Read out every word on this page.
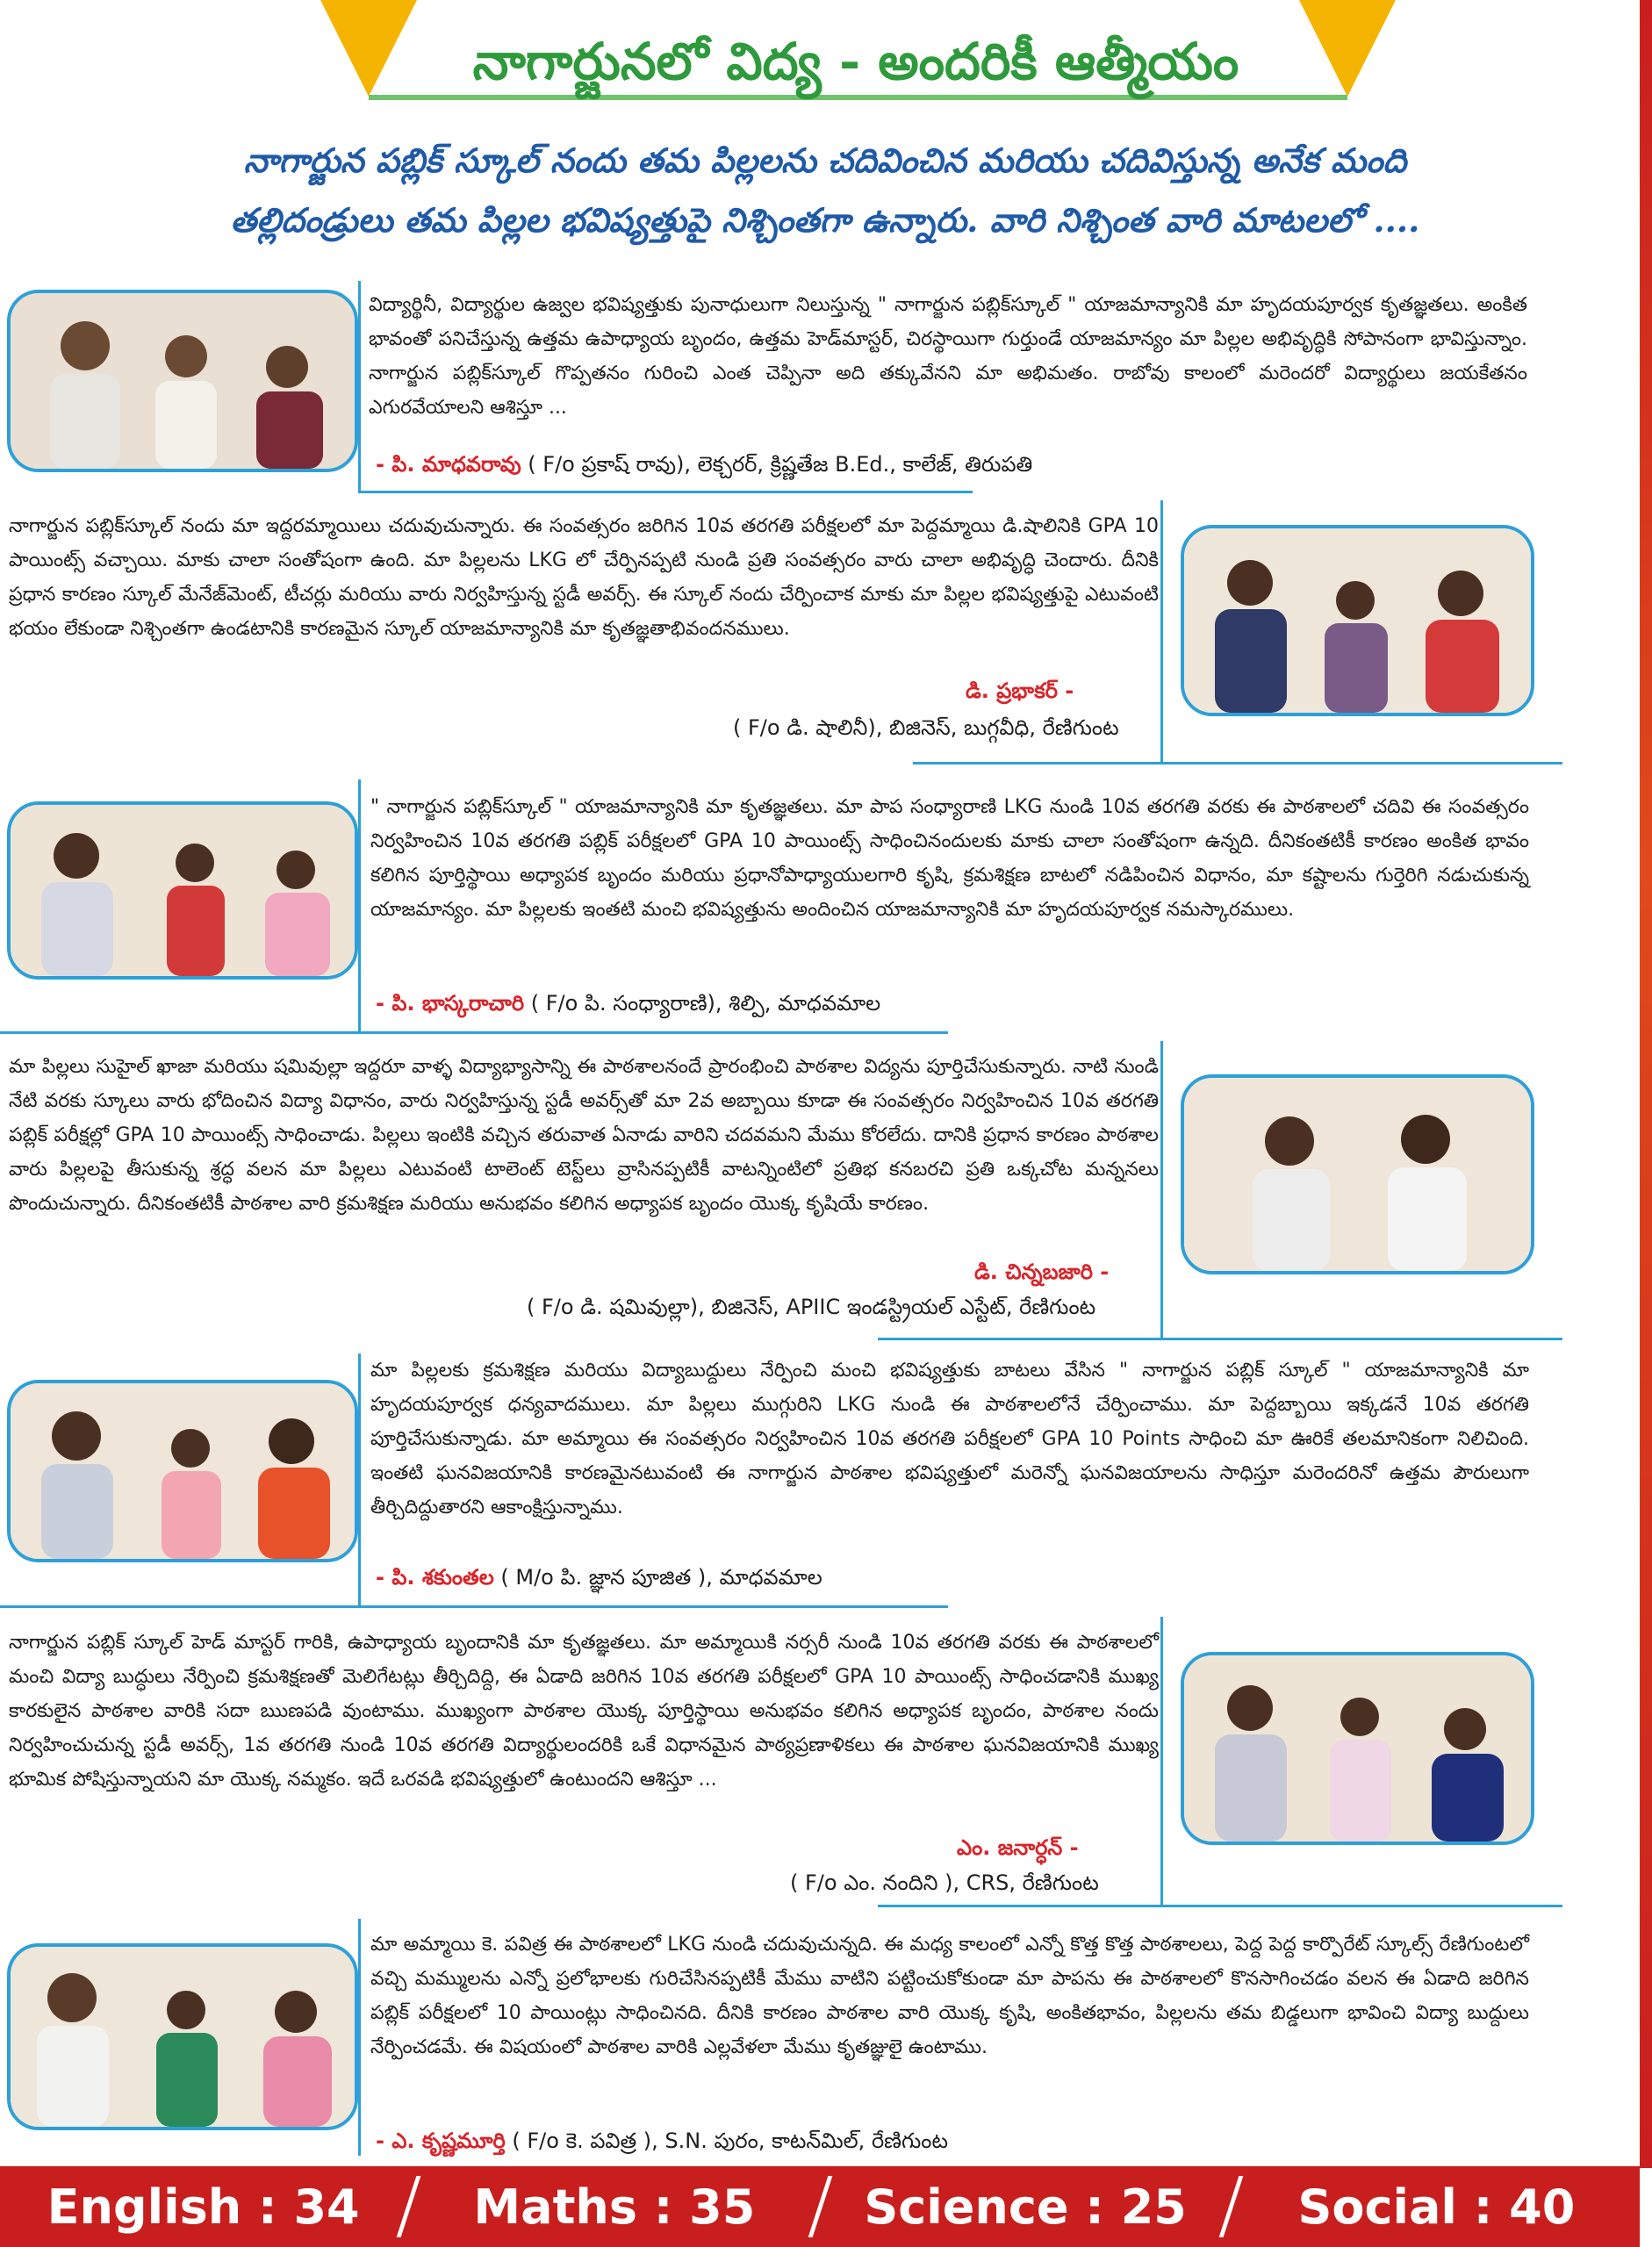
నాగార్జునలో విద్య - అందరికీ ఆత్మీయం
నాగార్జున పబ్లిక్ స్కూల్ నందు తమ పిల్లలను చదివించిన మరియు చదివిస్తున్న అనేక మంది
తల్లిదండ్రులు తమ పిల్లల భవిష్యత్తుపై నిశ్చింతగా ఉన్నారు. వారి నిశ్చింత వారి మాటలలో ....
విద్యార్థినీ, విద్యార్థుల ఉజ్వల భవిష్యత్తుకు పునాధులుగా నిలుస్తున్న " నాగార్జున పబ్లిక్‌స్కూల్ " యాజమాన్యానికి మా హృదయపూర్వక కృతజ్ఞతలు. అంకిత భావంతో పనిచేస్తున్న ఉత్తమ ఉపాధ్యాయ బృందం, ఉత్తమ హెడ్‌మాస్టర్, చిరస్థాయిగా గుర్తుండే యాజమాన్యం మా పిల్లల అభివృద్ధికి సోపానంగా భావిస్తున్నాం. నాగార్జున పబ్లిక్‌స్కూల్ గొప్పతనం గురించి ఎంత చెప్పినా అది తక్కువేనని మా అభిమతం. రాబోవు కాలంలో మరెందరో విద్యార్థులు జయకేతనం ఎగురవేయాలని ఆశిస్తూ ...
- పి. మాధవరావు ( F/o ప్రకాష్ రావు), లెక్చరర్, క్రిష్ణతేజ B.Ed., కాలేజ్, తిరుపతి
నాగార్జున పబ్లిక్‌స్కూల్ నందు మా ఇద్దరమ్మాయిలు చదువుచున్నారు. ఈ సంవత్సరం జరిగిన 10వ తరగతి పరీక్షలలో మా పెద్దమ్మాయి డి.షాలినికి GPA 10 పాయింట్స్ వచ్చాయి. మాకు చాలా సంతోషంగా ఉంది. మా పిల్లలను LKG లో చేర్పినప్పటి నుండి ప్రతి సంవత్సరం వారు చాలా అభివృద్ధి చెందారు. దీనికి ప్రధాన కారణం స్కూల్ మేనేజ్‌మెంట్, టీచర్లు మరియు వారు నిర్వహిస్తున్న స్టడీ అవర్స్. ఈ స్కూల్ నందు చేర్పించాక మాకు మా పిల్లల భవిష్యత్తుపై ఎటువంటి భయం లేకుండా నిశ్చింతగా ఉండటానికి కారణమైన స్కూల్ యాజమాన్యానికి మా కృతజ్ఞతాభివందనములు.
డి. ప్రభాకర్ -
( F/o డి. షాలినీ), బిజినెస్, బుగ్గవీధి, రేణిగుంట
" నాగార్జున పబ్లిక్‌స్కూల్ " యాజమాన్యానికి మా కృతజ్ఞతలు. మా పాప సంధ్యారాణి LKG నుండి 10వ తరగతి వరకు ఈ పాఠశాలలో చదివి ఈ సంవత్సరం నిర్వహించిన 10వ తరగతి పబ్లిక్ పరీక్షలలో GPA 10 పాయింట్స్ సాధించినందులకు మాకు చాలా సంతోషంగా ఉన్నది. దీనికంతటికీ కారణం అంకిత భావం కలిగిన పూర్తిస్థాయి అధ్యాపక బృందం మరియు ప్రధానోపాధ్యాయులగారి కృషి, క్రమశిక్షణ బాటలో నడిపించిన విధానం, మా కష్టాలను గుర్తెరిగి నడుచుకున్న యాజమాన్యం. మా పిల్లలకు ఇంతటి మంచి భవిష్యత్తును అందించిన యాజమాన్యానికి మా హృదయపూర్వక నమస్కారములు.
- పి. భాస్కరాచారి ( F/o పి. సంధ్యారాణి), శిల్పి, మాధవమాల
మా పిల్లలు సుహైల్ ఖాజా మరియు షమివుల్లా ఇద్దరూ వాళ్ళ విద్యాభ్యాసాన్ని ఈ పాఠశాలనందే ప్రారంభించి పాఠశాల విద్యను పూర్తిచేసుకున్నారు. నాటి నుండి నేటి వరకు స్కూలు వారు భోదించిన విద్యా విధానం, వారు నిర్వహిస్తున్న స్టడీ అవర్స్‌తో మా 2వ అబ్బాయి కూడా ఈ సంవత్సరం నిర్వహించిన 10వ తరగతి పబ్లిక్ పరీక్షల్లో GPA 10 పాయింట్స్ సాధించాడు. పిల్లలు ఇంటికి వచ్చిన తరువాత ఏనాడు వారిని చదవమని మేము కోరలేదు. దానికి ప్రధాన కారణం పాఠశాల వారు పిల్లలపై తీసుకున్న శ్రద్ధ వలన మా పిల్లలు ఎటువంటి టాలెంట్ టెస్ట్‌లు వ్రాసినప్పటికీ వాటన్నింటిలో ప్రతిభ కనబరచి ప్రతి ఒక్కచోట మన్ననలు పొందుచున్నారు. దీనికంతటికీ పాఠశాల వారి క్రమశిక్షణ మరియు అనుభవం కలిగిన అధ్యాపక బృందం యొక్క కృషియే కారణం.
డి. చిన్నబజారి -
( F/o డి. షమివుల్లా), బిజినెస్, APIIC ఇండస్ట్రియల్ ఎస్టేట్, రేణిగుంట
మా పిల్లలకు క్రమశిక్షణ మరియు విద్యాబుద్దులు నేర్పించి మంచి భవిష్యత్తుకు బాటలు వేసిన " నాగార్జున పబ్లిక్ స్కూల్ " యాజమాన్యానికి మా హృదయపూర్వక ధన్యవాదములు. మా పిల్లలు ముగ్గురిని LKG నుండి ఈ పాఠశాలలోనే చేర్పించాము. మా పెద్దబ్బాయి ఇక్కడనే 10వ తరగతి పూర్తిచేసుకున్నాడు. మా అమ్మాయి ఈ సంవత్సరం నిర్వహించిన 10వ తరగతి పరీక్షలలో GPA 10 Points సాధించి మా ఊరికే తలమానికంగా నిలిచింది. ఇంతటి ఘనవిజయానికి కారణమైనటువంటి ఈ నాగార్జున పాఠశాల భవిష్యత్తులో మరెన్నో ఘనవిజయాలను సాధిస్తూ మరెందరినో ఉత్తమ పౌరులుగా తీర్చిదిద్దుతారని ఆకాంక్షిస్తున్నాము.
- పి. శకుంతల ( M/o పి. జ్ఞాన పూజిత ), మాధవమాల
నాగార్జున పబ్లిక్ స్కూల్ హెడ్ మాస్టర్ గారికి, ఉపాధ్యాయ బృందానికి మా కృతజ్ఞతలు. మా అమ్మాయికి నర్సరీ నుండి 10వ తరగతి వరకు ఈ పాఠశాలలో మంచి విద్యా బుద్ధులు నేర్పించి క్రమశిక్షణతో మెలిగేటట్లు తీర్చిదిద్ది, ఈ ఏడాది జరిగిన 10వ తరగతి పరీక్షలలో GPA 10 పాయింట్స్ సాధించడానికి ముఖ్య కారకులైన పాఠశాల వారికి సదా ఋణపడి వుంటాము. ముఖ్యంగా పాఠశాల యొక్క పూర్తిస్థాయి అనుభవం కలిగిన అధ్యాపక బృందం, పాఠశాల నందు నిర్వహించుచున్న స్టడీ అవర్స్, 1వ తరగతి నుండి 10వ తరగతి విద్యార్థులందరికి ఒకే విధానమైన పాఠ్యప్రణాళికలు ఈ పాఠశాల ఘనవిజయానికి ముఖ్య భూమిక పోషిస్తున్నాయని మా యొక్క నమ్మకం. ఇదే ఒరవడి భవిష్యత్తులో ఉంటుందని ఆశిస్తూ ...
ఎం. జనార్ధన్ -
( F/o ఎం. నందిని ), CRS, రేణిగుంట
మా అమ్మాయి కె. పవిత్ర ఈ పాఠశాలలో LKG నుండి చదువుచున్నది. ఈ మధ్య కాలంలో ఎన్నో కొత్త కొత్త పాఠశాలలు, పెద్ద పెద్ద కార్పొరేట్ స్కూల్స్ రేణిగుంటలో వచ్చి మమ్ములను ఎన్నో ప్రలోభాలకు గురిచేసినప్పటికీ మేము వాటిని పట్టించుకోకుండా మా పాపను ఈ పాఠశాలలో కొనసాగించడం వలన ఈ ఏడాది జరిగిన పబ్లిక్ పరీక్షలలో 10 పాయింట్లు సాధించినది. దీనికి కారణం పాఠశాల వారి యొక్క కృషి, అంకితభావం, పిల్లలను తమ బిడ్డలుగా భావించి విద్యా బుద్దులు నేర్పించడమే. ఈ విషయంలో పాఠశాల వారికి ఎల్లవేళలా మేము కృతజ్ఞులై ఉంటాము.
- ఎ. కృష్ణమూర్తి ( F/o కె. పవిత్ర ), S.N. పురం, కాటన్‌మిల్, రేణిగుంట
English : 34	Maths : 35	Science : 25	Social : 40
